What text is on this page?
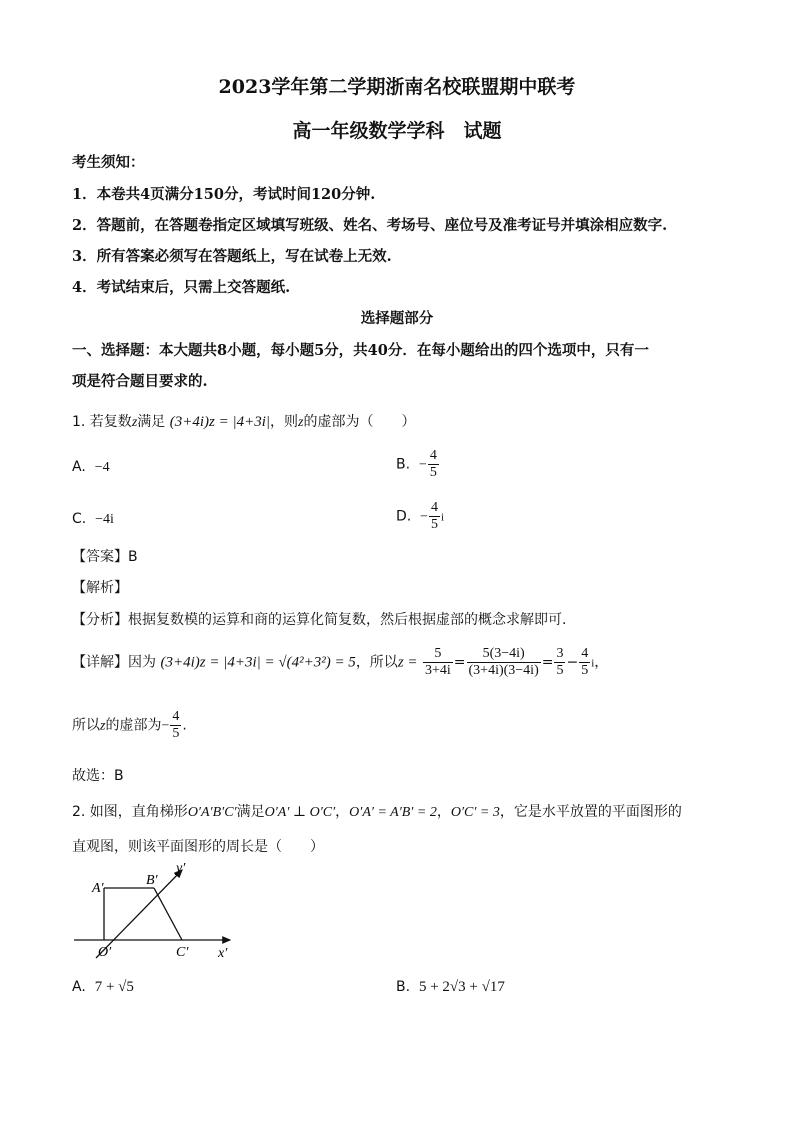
2023学年第二学期浙南名校联盟期中联考
高一年级数学学科　试题
考生须知：
1．本卷共4页满分150分，考试时间120分钟.
2．答题前，在答题卷指定区域填写班级、姓名、考场号、座位号及准考证号并填涂相应数字.
3．所有答案必须写在答题纸上，写在试卷上无效.
4．考试结束后，只需上交答题纸.
选择题部分
一、选择题：本大题共8小题，每小题5分，共40分．在每小题给出的四个选项中，只有一
项是符合题目要求的.
1. 若复数z满足 (3+4i)z = |4+3i|，则z的虚部为（　　）
A. −4	B. − $\frac{4}{5}$
C. −4i	D. − $\frac{4}{5}$ i
【答案】B
【解析】
【分析】根据复数模的运算和商的运算化简复数，然后根据虚部的概念求解即可.
【详解】因为 (3+4i)z = |4+3i| = √(4²+3²) = 5，所以$z = \frac{5}{3+4i} = \frac{5(3-4i)}{(3+4i)(3-4i)} = \frac{3}{5} - \frac{4}{5}$ i，
所以z的虚部为− $\frac{4}{5}$ .
故选：B
2. 如图，直角梯形O′A′B′C′满足O′A′ ⊥ O′C′，O′A′ = A′B′ = 2，O′C′ = 3，它是水平放置的平面图形的
直观图，则该平面图形的周长是（　　）
A′
B′
C′
O′	x′
y′
A. 7 + √5	B. 5 + 2√3 + √17
